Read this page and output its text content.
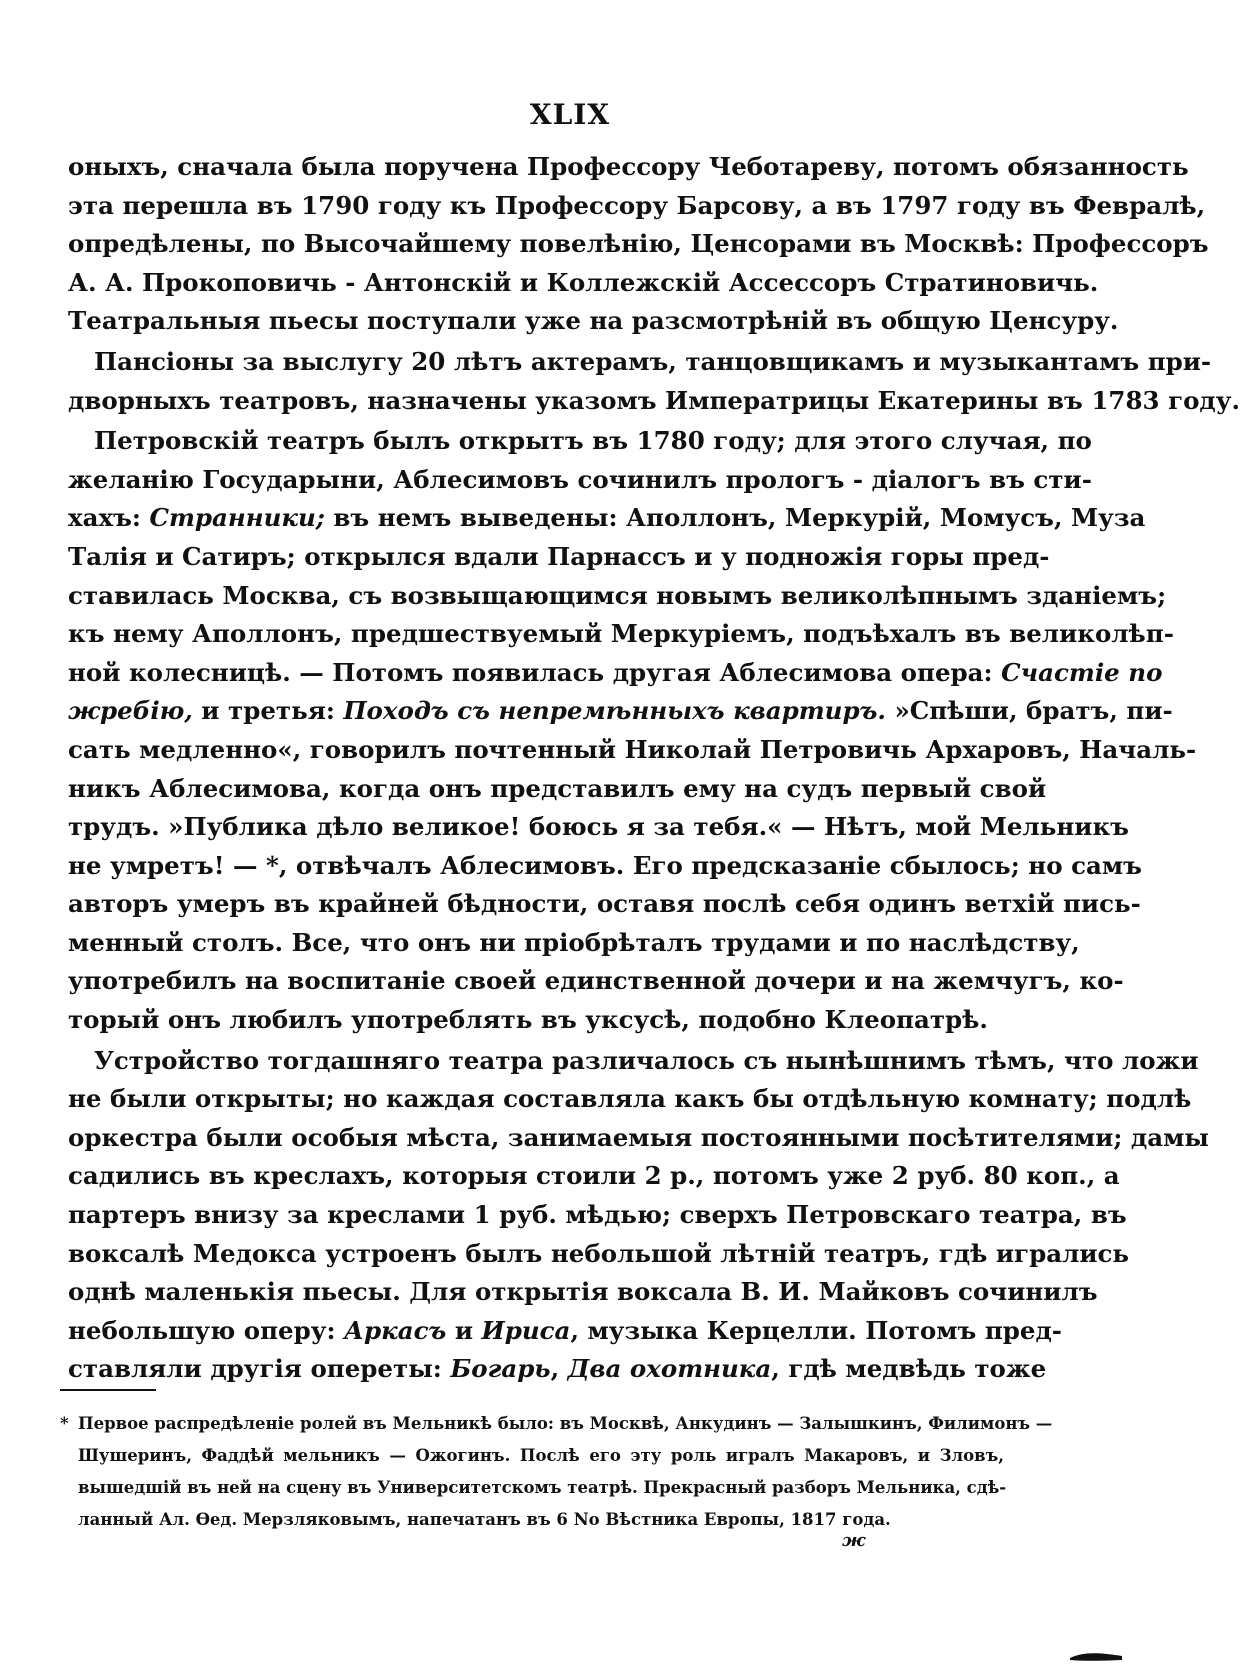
XLIX
оныхъ, сначала была поручена Профессору Чеботареву, потомъ обязанность
эта перешла въ 1790 году къ Профессору Барсову, а въ 1797 году въ Февралѣ,
опредѣлены, по Высочайшему повелѣнію, Ценсорами въ Москвѣ: Профессоръ
А. А. Прокоповичь - Антонскій и Коллежскій Ассессоръ Стратиновичь.
Театральныя пьесы поступали уже на разсмотрѣній въ общую Ценсуру.
Пансіоны за выслугу 20 лѣтъ актерамъ, танцовщикамъ и музыкантамъ при-
дворныхъ театровъ, назначены указомъ Императрицы Екатерины въ 1783 году.
Петровскій театръ былъ открытъ въ 1780 году; для этого случая, по
желанію Государыни, Аблесимовъ сочинилъ прологъ - діалогъ въ сти-
хахъ: Странники; въ немъ выведены: Аполлонъ, Меркурій, Момусъ, Муза
Талія и Сатиръ; открылся вдали Парнассъ и у подножія горы пред-
ставилась Москва, съ возвыщающимся новымъ великолѣпнымъ зданіемъ;
къ нему Аполлонъ, предшествуемый Меркуріемъ, подъѣхалъ въ великолѣп-
ной колесницѣ. — Потомъ появилась другая Аблесимова опера: Счастіе по
жребію, и третья: Походъ съ непремѣнныхъ квартиръ. »Спѣши, братъ, пи-
сать медленно«, говорилъ почтенный Николай Петровичь Архаровъ, Началь-
никъ Аблесимова, когда онъ представилъ ему на судъ первый свой
трудъ. »Публика дѣло великое! боюсь я за тебя.« — Нѣтъ, мой Мельникъ
не умретъ! — *, отвѣчалъ Аблесимовъ. Его предсказаніе сбылось; но самъ
авторъ умеръ въ крайней бѣдности, оставя послѣ себя одинъ ветхій пись-
менный столъ. Все, что онъ ни пріобрѣталъ трудами и по наслѣдству,
употребилъ на воспитаніе своей единственной дочери и на жемчугъ, ко-
торый онъ любилъ употреблять въ уксусѣ, подобно Клеопатрѣ.
Устройство тогдашняго театра различалось съ нынѣшнимъ тѣмъ, что ложи
не были открыты; но каждая составляла какъ бы отдѣльную комнату; подлѣ
оркестра были особыя мѣста, занимаемыя постоянными посѣтителями; дамы
садились въ креслахъ, которыя стоили 2 р., потомъ уже 2 руб. 80 коп., а
партеръ внизу за креслами 1 руб. мѣдью; сверхъ Петровскаго театра, въ
воксалѣ Медокса устроенъ былъ небольшой лѣтній театръ, гдѣ игрались
однѣ маленькія пьесы. Для открытія воксала В. И. Майковъ сочинилъ
небольшую оперу: Аркасъ и Ириса, музыка Керцелли. Потомъ пред-
ставляли другія оперeты: Богарь, Два охотника, гдѣ медвѣдь тоже
* Первое распредѣленіе ролей въ Мельникѣ было: въ Москвѣ, Анкудинъ — Залышкинъ, Филимонъ —
Шушеринъ, Фаддѣй мельникъ — Ожогинъ. Послѣ его эту роль игралъ Макаровъ, и Зловъ,
вышедшій въ ней на сцену въ Университетскомъ театрѣ. Прекрасный разборъ Мельника, сдѣ-
ланный Ал. Ѳед. Мерзляковымъ, напечатанъ въ 6 No Вѣстника Европы, 1817 года.
ж
